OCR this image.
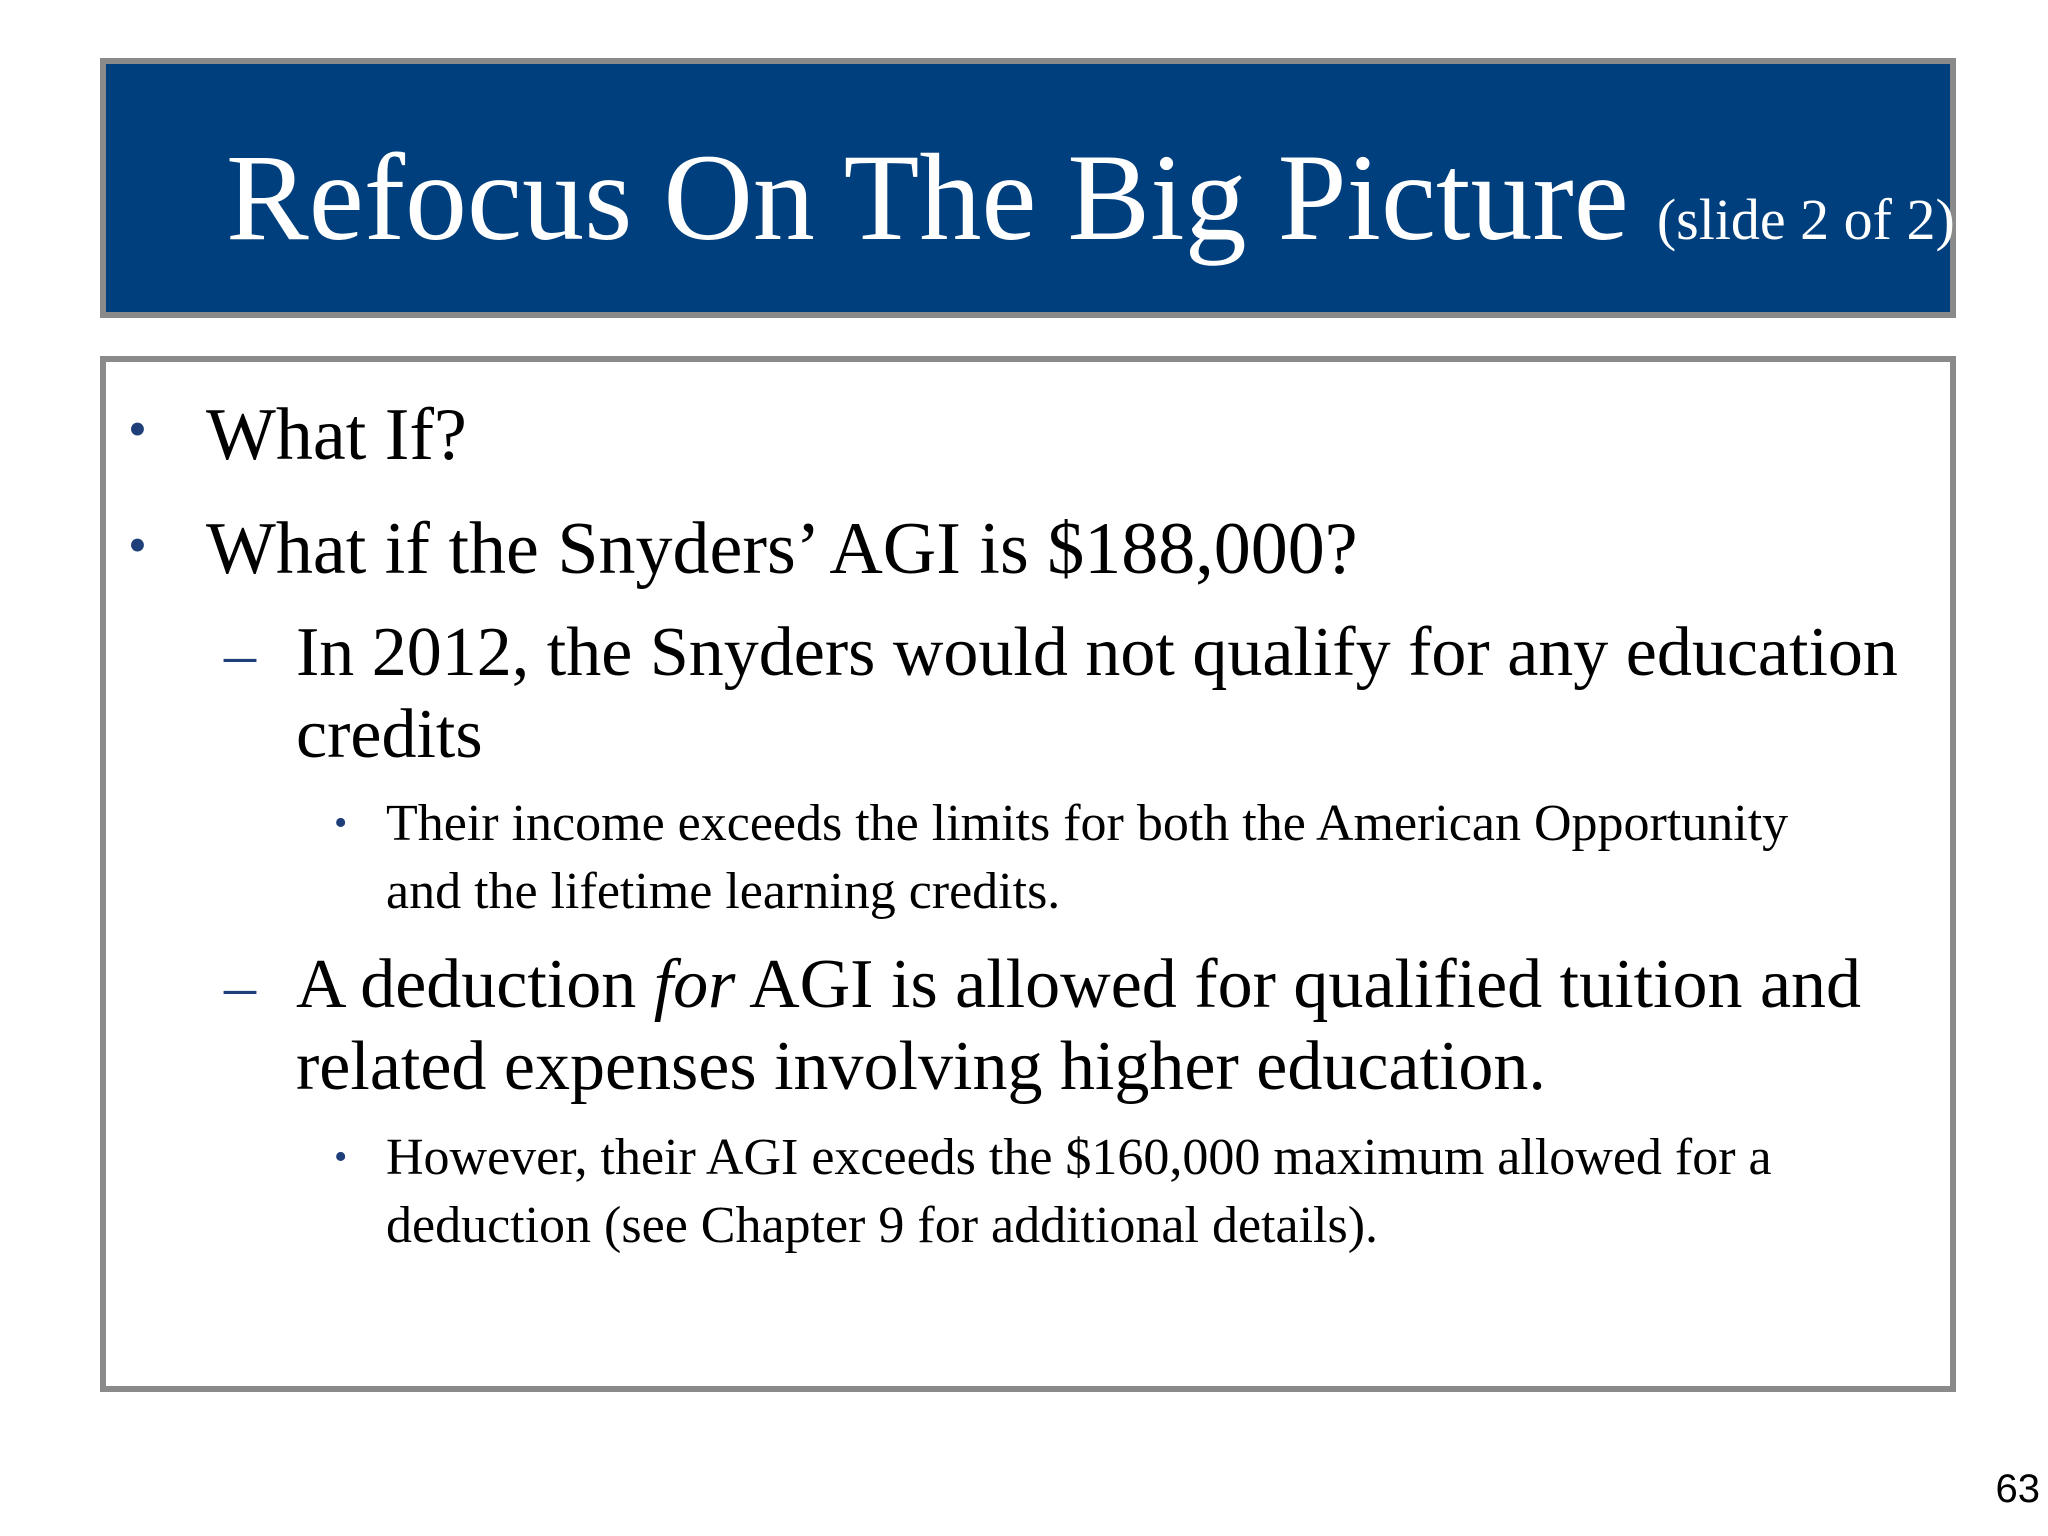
Refocus On The Big Picture (slide 2 of 2)
• What If?
• What if the Snyders’ AGI is $188,000?
– In 2012, the Snyders would not qualify for any education
credits
• Their income exceeds the limits for both the American Opportunity
and the lifetime learning credits.
– A deduction for AGI is allowed for qualified tuition and
related expenses involving higher education.
• However, their AGI exceeds the $160,000 maximum allowed for a
deduction (see Chapter 9 for additional details).
63
